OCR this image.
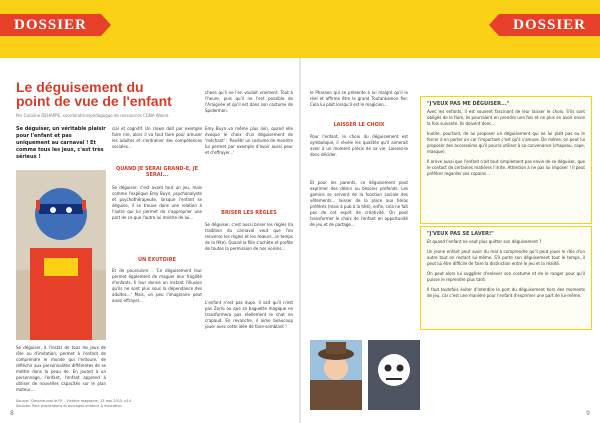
DOSSIER	DOSSIER
Le déguisement du point de vue de l'enfant
Par Caroline DEHAPPE, coordinatrice/pédagogue de ressources CGNA Wavre
Se déguiser, un véritable plaisir pour l'enfant et pas uniquement au carnaval ! Et comme tous les jeux, c'est très sérieux !
Se déguiser, à l'instar de tous les jeux de rôle ou d'imitation, permet à l'enfant de comprendre le monde qui l'entoure, de réfléchir aux personnalités différentes de se mettre dans la peau de. En jouant à un personnage, l'enfant, l'enfant apprend à utiliser de nouvelles capacités sur le plan moteur,...
cial et cognitif. Un clown doit par exemple faire rire, alors il va tout faire pour amuser les adultes et s'entraîner des compétences sociales...
QUAND JE SERAI GRAND-E, JE SERAI...
Se déguiser, c'est avant tout un jeu, mais comme l'explique Emy Buyn, psychanalyste et psychothérapeute, lorsque l'enfant se déguise, il se trouve dans une relation à l'autre qui lui permet de s'approprier une part de ce que l'autre lui montre de lui...
UN EXUTOIRE
Et de poursuivre : 'Ce déguisement leur permet également de maguer leur fragilité d'enfants. Il leur donne un instant l'illusion qu'ils ne sont plus sous la dépendance des adultes...' Mais, un peu l'imaginaire peut aussi effrayer...
chose qu'il ne l'en voulait vraiment. Tout à l'heure, puis qu'il ne l'est possible de l'Araignée et qu'il est dans son costume de Spiderman.
Emy Buyn va même plus loin, quand elle évoque le choix d'un déguisement de 'méchant' : 'Revêtir un costume de monstre lui permet par exemple d'avoir aussi peur et d'effrayer...'
BRISER LES RÈGLES
Se déguiser, c'est aussi briser les règles (la tradition du carnaval veut que l'on renverse les règles et les mœurs...le temps de la fête). Quand la fille s'achète et profite de toutes la permission de nos voisins...
L'enfant n'est pas dupe. Il sait qu'il n'est pas Zorro ou que sa baguette magique ne transformera pas réellement le chat en crapaud. En revanche, il aime beaucoup jouer avec cette idée de faire-semblant !
Source: 'Dessine-moi le Fil' - Victoire magazine, 13 mai 2015, p14
Sources: Pour publications et ouvrages enfance & éducation
8
le Pharaon qui se présente à lui malgré qu'il le réel et affirme être le grand Toutankamon fier. Cela lui plaît lorsqu'il est le magicien...
LAISSER LE CHOIX
Pour l'enfant, le choix du déguisement est symbolique, il révèle les qualités qu'il aimerait avoir à un moment précis de sa vie. Laissez-le donc décider.
Et pour les parents, ce déguisement peut exprimer des désirs ou besoins profonds. Les gamins se servent de la fonction sociale des vêtements... laisser de la place aux héros préférés (mais à pub à la télé), enfin, cela ne fait pas de cet esprit de créativité. On peut transformer le choix de l'enfant en opportunité de jeu et de partage...
"J'VEUX PAS ME DÉGUISER..."

Avec les enfants, il est souvent fascinant de leur laisser le choix. S'ils sont obligés de le faire, ils pourraient en prendre une fois et ne plus en avoir envie la fois suivante. Ils doivent donc...

Inutile, pourtant, de lui proposer un déguisement qui ne lui plaît pas ou le forcer à en porter un car l'important c'est qu'il s'amuse. De même, on peut lui proposer des accessoires qu'il pourra utiliser à sa convenance (chapeau, cape, masque).

Il arrive aussi que l'enfant n'ait tout simplement pas envie de se déguiser, que le contact de certaines matières l'irrite. Attention à ne pas lui imposer ! Il peut préférer regarder ses copains...

"J'VEUX PAS SE LAVER!"

Et quand l'enfant ne veut plus quitter son déguisement ?

Un jeune enfant peut avoir du mal à comprendre qu'il peut jouer le rôle d'un autre tout en restant lui-même. S'il porte son déguisement tout le temps, il peut lui être difficile de faire la distinction entre le jeu et la réalité.

On peut alors lui suggérer d'enlever son costume et de le ranger pour qu'il puisse le reprendre plus tard.

Il faut toutefois éviter d'interdire le port du déguisement hors des moments de jeu, car c'est une manière pour l'enfant d'exprimer une part de lui-même.

9
